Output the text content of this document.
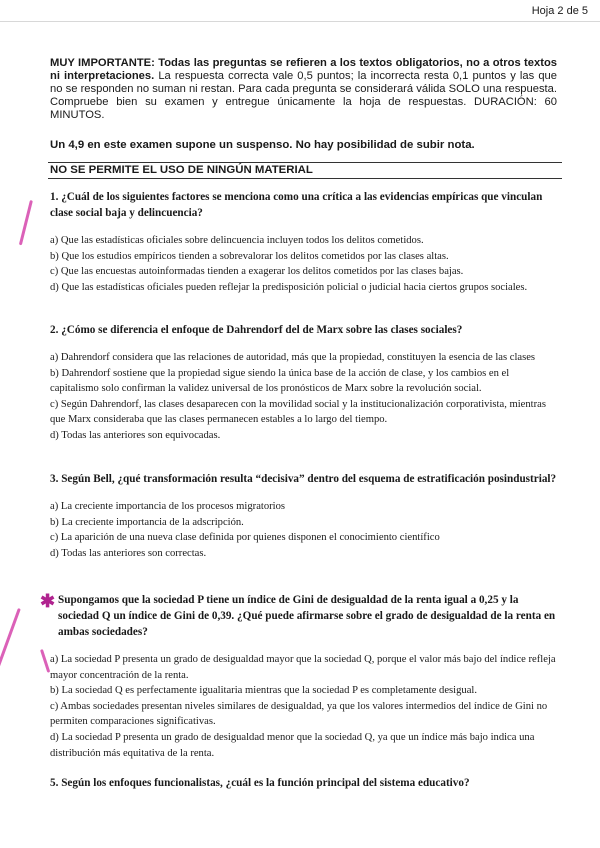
Hoja 2 de 5

MUY IMPORTANTE: Todas las preguntas se refieren a los textos obligatorios, no a otros textos ni interpretaciones. La respuesta correcta vale 0,5 puntos; la incorrecta resta 0,1 puntos y las que no se responden no suman ni restan. Para cada pregunta se considerará válida SOLO una respuesta. Compruebe bien su examen y entregue únicamente la hoja de respuestas. DURACIÓN: 60 MINUTOS.

Un 4,9 en este examen supone un suspenso. No hay posibilidad de subir nota.

NO SE PERMITE EL USO DE NINGÚN MATERIAL

1. ¿Cuál de los siguientes factores se menciona como una crítica a las evidencias empíricas que vinculan clase social baja y delincuencia?

a) Que las estadísticas oficiales sobre delincuencia incluyen todos los delitos cometidos.
b) Que los estudios empíricos tienden a sobrevalorar los delitos cometidos por las clases altas.
c) Que las encuestas autoinformadas tienden a exagerar los delitos cometidos por las clases bajas.
d) Que las estadísticas oficiales pueden reflejar la predisposición policial o judicial hacia ciertos grupos sociales.

2. ¿Cómo se diferencia el enfoque de Dahrendorf del de Marx sobre las clases sociales?

a) Dahrendorf considera que las relaciones de autoridad, más que la propiedad, constituyen la esencia de las clases
b) Dahrendorf sostiene que la propiedad sigue siendo la única base de la acción de clase, y los cambios en el capitalismo solo confirman la validez universal de los pronósticos de Marx sobre la revolución social.
c) Según Dahrendorf, las clases desaparecen con la movilidad social y la institucionalización corporativista, mientras que Marx consideraba que las clases permanecen estables a lo largo del tiempo.
d) Todas las anteriores son equivocadas.

3. Según Bell, ¿qué transformación resulta “decisiva” dentro del esquema de estratificación posindustrial?

a) La creciente importancia de los procesos migratorios
b) La creciente importancia de la adscripción.
c) La aparición de una nueva clase definida por quienes disponen el conocimiento científico
d) Todas las anteriores son correctas.
✱ Supongamos que la sociedad P tiene un índice de Gini de desigualdad de la renta igual a 0,25 y la sociedad Q un índice de Gini de 0,39. ¿Qué puede afirmarse sobre el grado de desigualdad de la renta en ambas sociedades?

a) La sociedad P presenta un grado de desigualdad mayor que la sociedad Q, porque el valor más bajo del índice refleja mayor concentración de la renta.
b) La sociedad Q es perfectamente igualitaria mientras que la sociedad P es completamente desigual.
c) Ambas sociedades presentan niveles similares de desigualdad, ya que los valores intermedios del índice de Gini no permiten comparaciones significativas.
d) La sociedad P presenta un grado de desigualdad menor que la sociedad Q, ya que un índice más bajo indica una distribución más equitativa de la renta.

5. Según los enfoques funcionalistas, ¿cuál es la función principal del sistema educativo?
